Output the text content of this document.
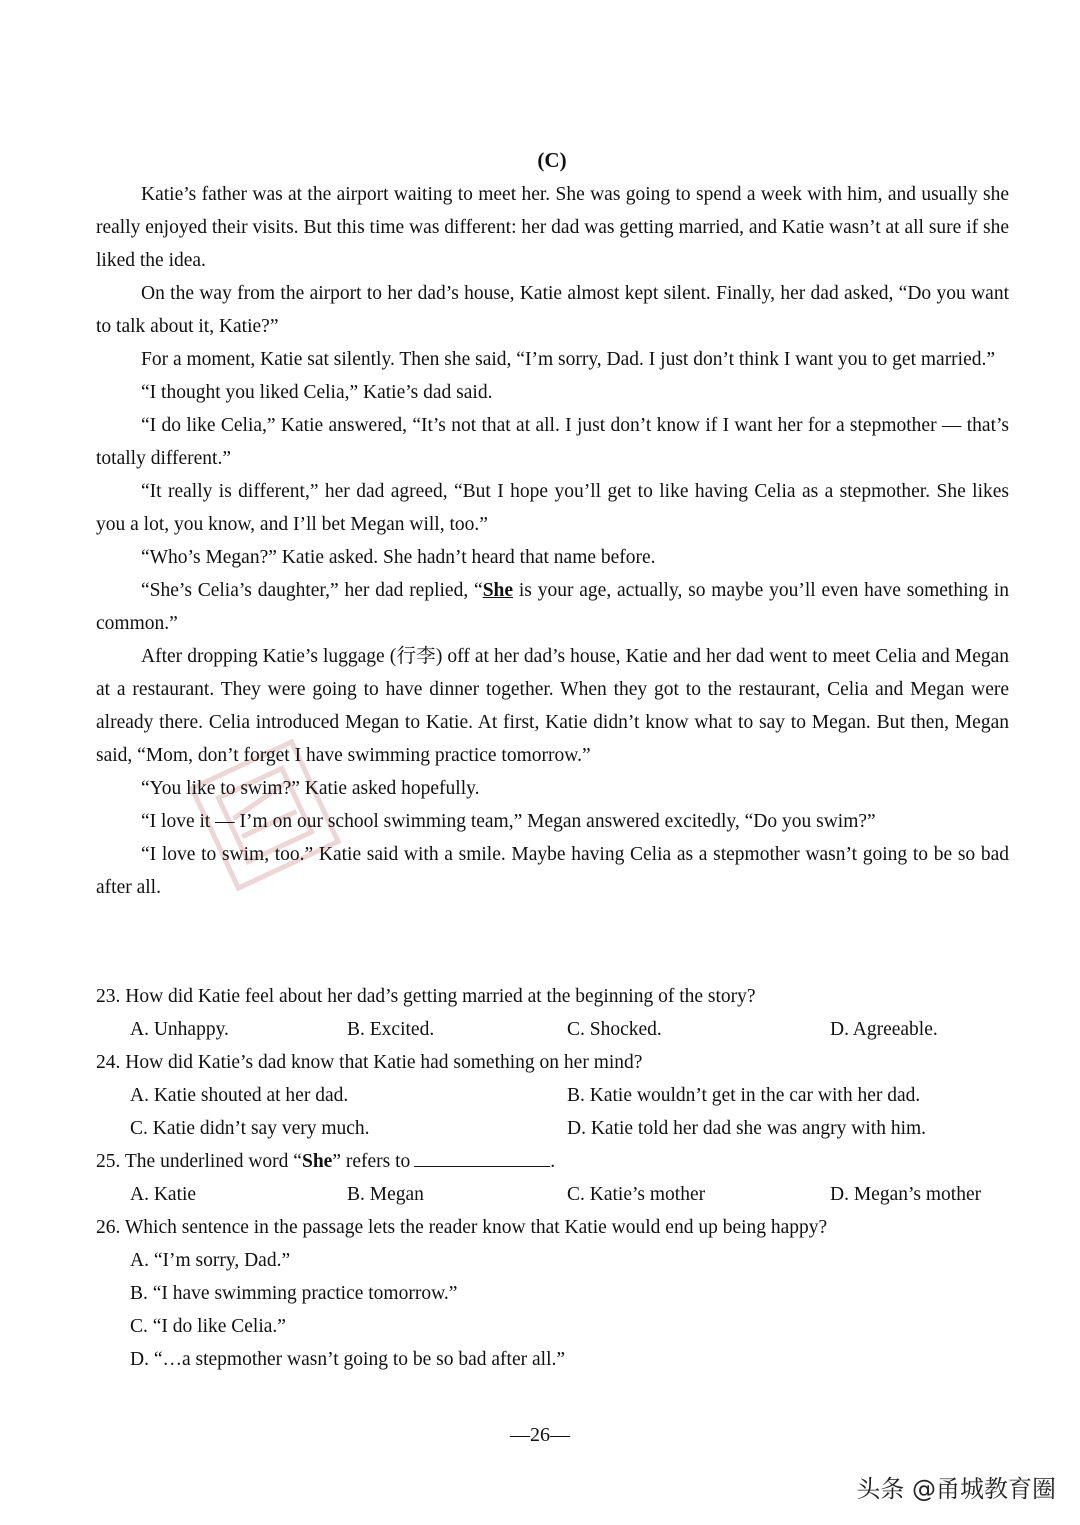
(C)

Katie’s father was at the airport waiting to meet her. She was going to spend a week with him, and usually she really enjoyed their visits. But this time was different: her dad was getting married, and Katie wasn’t at all sure if she liked the idea.

On the way from the airport to her dad’s house, Katie almost kept silent. Finally, her dad asked, “Do you want to talk about it, Katie?”

For a moment, Katie sat silently. Then she said, “I’m sorry, Dad. I just don’t think I want you to get married.”

“I thought you liked Celia,” Katie’s dad said.

“I do like Celia,” Katie answered, “It’s not that at all. I just don’t know if I want her for a stepmother — that’s totally different.”

“It really is different,” her dad agreed, “But I hope you’ll get to like having Celia as a stepmother. She likes you a lot, you know, and I’ll bet Megan will, too.”

“Who’s Megan?” Katie asked. She hadn’t heard that name before.

“She’s Celia’s daughter,” her dad replied, “She is your age, actually, so maybe you’ll even have something in common.”

After dropping Katie’s luggage (行李) off at her dad’s house, Katie and her dad went to meet Celia and Megan at a restaurant. They were going to have dinner together. When they got to the restaurant, Celia and Megan were already there. Celia introduced Megan to Katie. At first, Katie didn’t know what to say to Megan. But then, Megan said, “Mom, don’t forget I have swimming practice tomorrow.”

“You like to swim?” Katie asked hopefully.

“I love it — I’m on our school swimming team,” Megan answered excitedly, “Do you swim?”

“I love to swim, too.” Katie said with a smile. Maybe having Celia as a stepmother wasn’t going to be so bad after all.

23. How did Katie feel about her dad’s getting married at the beginning of the story?

A. Unhappy.	B. Excited.	C. Shocked.	D. Agreeable.

24. How did Katie’s dad know that Katie had something on her mind?

A. Katie shouted at her dad.	B. Katie wouldn’t get in the car with her dad.
C. Katie didn’t say very much.	D. Katie told her dad she was angry with him.

25. The underlined word “She” refers to	.

A. Katie	B. Megan	C. Katie’s mother	D. Megan’s mother

26. Which sentence in the passage lets the reader know that Katie would end up being happy?

A. “I’m sorry, Dad.”

B. “I have swimming practice tomorrow.”

C. “I do like Celia.”

D. “…a stepmother wasn’t going to be so bad after all.”

—26—
头条 @甬城教育圈
